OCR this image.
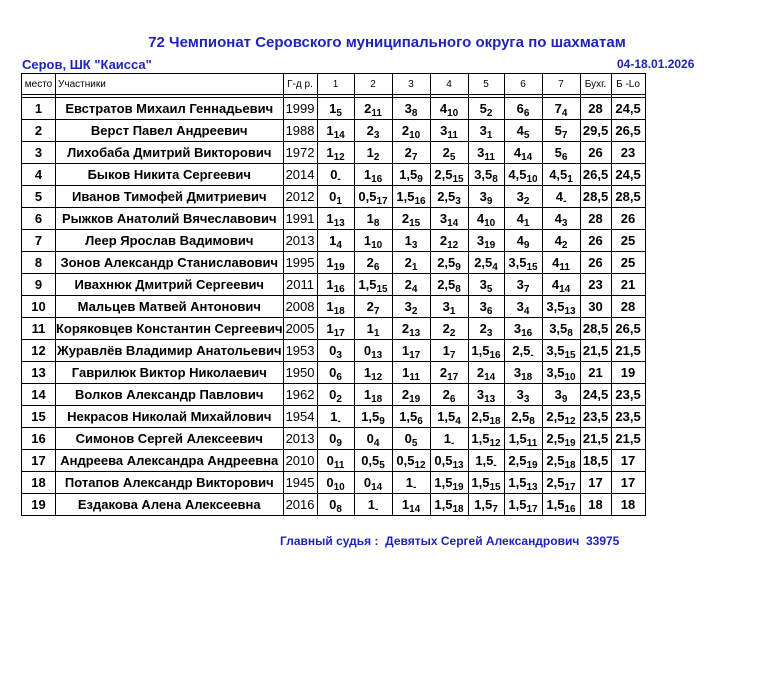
72 Чемпионат Серовского муниципального округа по шахматам
Серов, ШК "Каисса"	04-18.01.2026
место	Участники	Г-д р.	1	2	3	4	5	6	7	Бухг.	Б -Lo

1	Евстратов Михаил Геннадьевич	1999	$1_5$	$2_{11}$	$3_8$	$4_{10}$	$5_2$	$6_6$	$7_4$	28	24,5
2	Верст Павел Андреевич	1988	$1_{14}$	$2_3$	$2_{10}$	$3_{11}$	$3_1$	$4_5$	$5_7$	29,5	26,5
3	Лихобаба Дмитрий Викторович	1972	$1_{12}$	$1_2$	$2_7$	$2_5$	$3_{11}$	$4_{14}$	$5_6$	26	23
4	Быков Никита Сергеевич	2014	$0_-$	$1_{16}$	$1,5_9$	$2,5_{15}$	$3,5_8$	$4,5_{10}$	$4,5_1$	26,5	24,5
5	Иванов Тимофей Дмитриевич	2012	$0_1$	$0,5_{17}$	$1,5_{16}$	$2,5_3$	$3_9$	$3_2$	$4_-$	28,5	28,5
6	Рыжков Анатолий Вячеславович	1991	$1_{13}$	$1_8$	$2_{15}$	$3_{14}$	$4_{10}$	$4_1$	$4_3$	28	26
7	Леер Ярослав Вадимович	2013	$1_4$	$1_{10}$	$1_3$	$2_{12}$	$3_{19}$	$4_9$	$4_2$	26	25
8	Зонов Александр Станиславович	1995	$1_{19}$	$2_6$	$2_1$	$2,5_9$	$2,5_4$	$3,5_{15}$	$4_{11}$	26	25
9	Ивахнюк Дмитрий Сергеевич	2011	$1_{16}$	$1,5_{15}$	$2_4$	$2,5_8$	$3_5$	$3_7$	$4_{14}$	23	21
10	Мальцев Матвей Антонович	2008	$1_{18}$	$2_7$	$3_2$	$3_1$	$3_6$	$3_4$	$3,5_{13}$	30	28
11	Коряковцев Константин Сергеевич	2005	$1_{17}$	$1_1$	$2_{13}$	$2_2$	$2_3$	$3_{16}$	$3,5_8$	28,5	26,5
12	Журавлёв Владимир Анатольевич	1953	$0_3$	$0_{13}$	$1_{17}$	$1_7$	$1,5_{16}$	$2,5_-$	$3,5_{15}$	21,5	21,5
13	Гаврилюк Виктор Николаевич	1950	$0_6$	$1_{12}$	$1_{11}$	$2_{17}$	$2_{14}$	$3_{18}$	$3,5_{10}$	21	19
14	Волков Александр Павлович	1962	$0_2$	$1_{18}$	$2_{19}$	$2_6$	$3_{13}$	$3_3$	$3_9$	24,5	23,5
15	Некрасов Николай Михайлович	1954	$1_-$	$1,5_9$	$1,5_6$	$1,5_4$	$2,5_{18}$	$2,5_8$	$2,5_{12}$	23,5	23,5
16	Симонов Сергей Алексеевич	2013	$0_9$	$0_4$	$0_5$	$1_-$	$1,5_{12}$	$1,5_{11}$	$2,5_{19}$	21,5	21,5
17	Андреева Александра Андреевна	2010	$0_{11}$	$0,5_5$	$0,5_{12}$	$0,5_{13}$	$1,5_-$	$2,5_{19}$	$2,5_{18}$	18,5	17
18	Потапов Александр Викторович	1945	$0_{10}$	$0_{14}$	$1_-$	$1,5_{19}$	$1,5_{15}$	$1,5_{13}$	$2,5_{17}$	17	17
19	Ездакова Алена Алексеевна	2016	$0_8$	$1_-$	$1_{14}$	$1,5_{18}$	$1,5_7$	$1,5_{17}$	$1,5_{16}$	18	18
Главный судья : Девятых Сергей Александрович 33975
